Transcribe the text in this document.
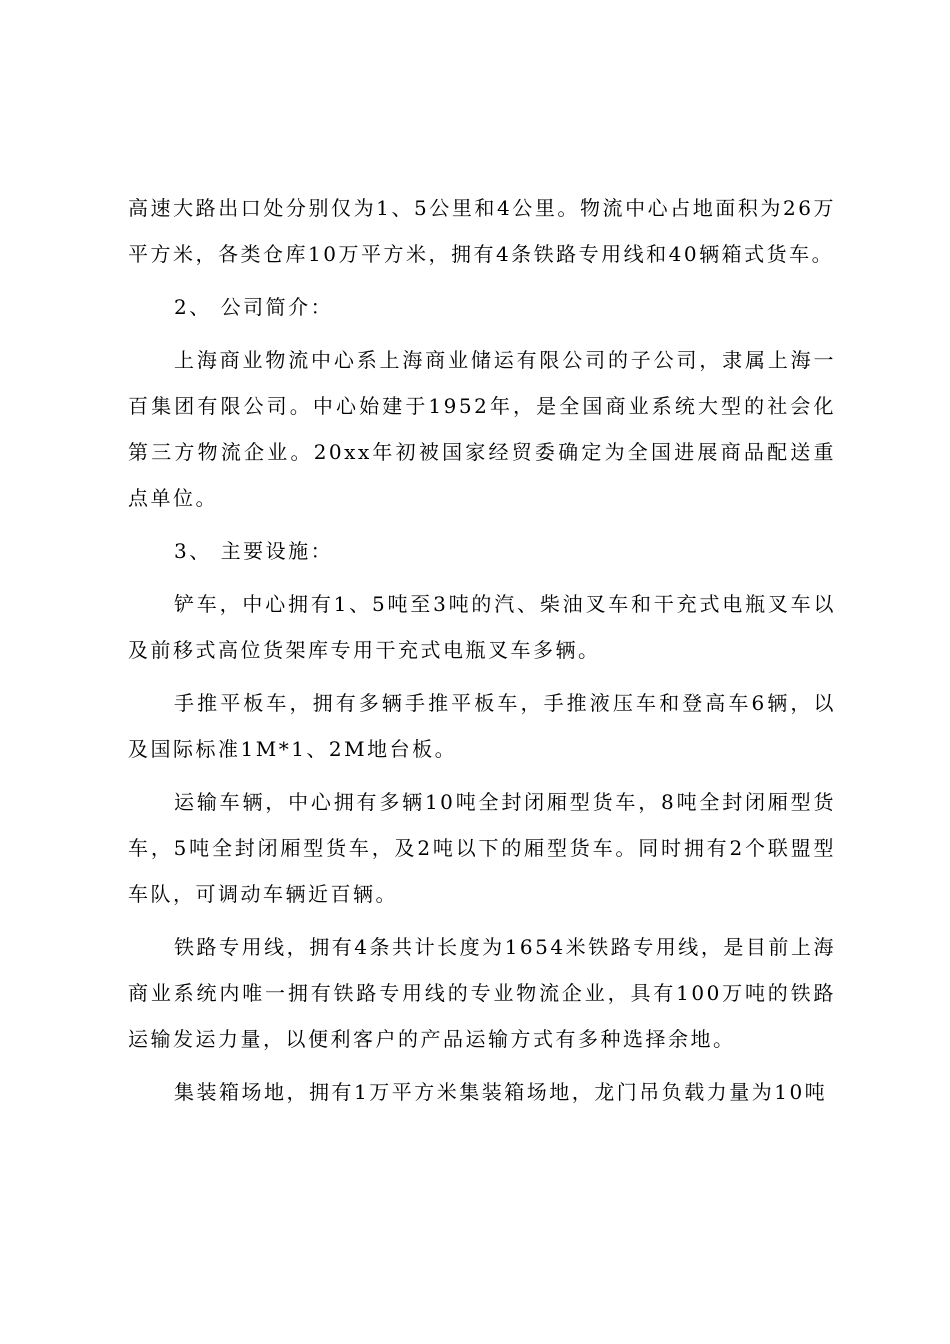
高速大路出口处分别仅为1、5公里和4公里。物流中心占地面积为26万平方米，各类仓库10万平方米，拥有4条铁路专用线和40辆箱式货车。

2、 公司简介：

上海商业物流中心系上海商业储运有限公司的子公司，隶属上海一百集团有限公司。中心始建于1952年，是全国商业系统大型的社会化第三方物流企业。20xx年初被国家经贸委确定为全国进展商品配送重点单位。

3、 主要设施：

铲车，中心拥有1、5吨至3吨的汽、柴油叉车和干充式电瓶叉车以及前移式高位货架库专用干充式电瓶叉车多辆。

手推平板车，拥有多辆手推平板车，手推液压车和登高车6辆，以及国际标准1M*1、2M地台板。

运输车辆，中心拥有多辆10吨全封闭厢型货车，8吨全封闭厢型货车，5吨全封闭厢型货车，及2吨以下的厢型货车。同时拥有2个联盟型车队，可调动车辆近百辆。

铁路专用线，拥有4条共计长度为1654米铁路专用线，是目前上海商业系统内唯一拥有铁路专用线的专业物流企业，具有100万吨的铁路运输发运力量，以便利客户的产品运输方式有多种选择余地。

集装箱场地，拥有1万平方米集装箱场地，龙门吊负载力量为10吨
